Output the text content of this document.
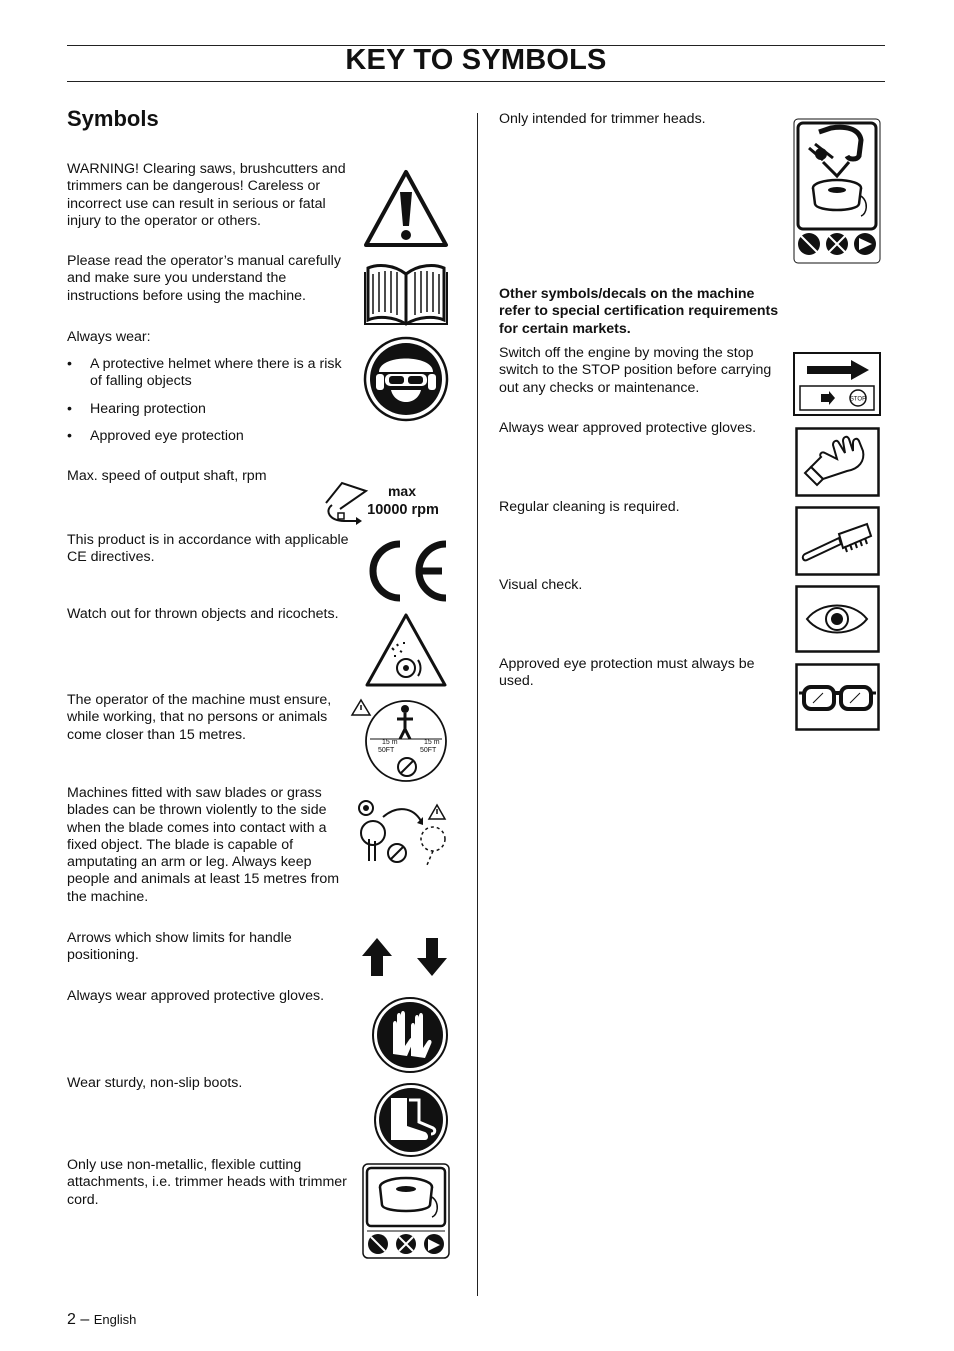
KEY TO SYMBOLS
Symbols

WARNING! Clearing saws, brushcutters and trimmers can be dangerous! Careless or incorrect use can result in serious or fatal injury to the operator or others.

Please read the operator’s manual carefully and make sure you understand the instructions before using the machine.

Always wear:

• A protective helmet where there is a risk of falling objects
• Hearing protection
• Approved eye protection

Max. speed of output shaft, rpm

This product is in accordance with applicable CE directives.

Watch out for thrown objects and ricochets.

The operator of the machine must ensure, while working, that no persons or animals come closer than 15 metres.

Machines fitted with saw blades or grass blades can be thrown violently to the side when the blade comes into contact with a fixed object. The blade is capable of amputating an arm or leg. Always keep people and animals at least 15 metres from the machine.

Arrows which show limits for handle positioning.

Always wear approved protective gloves.

Wear sturdy, non-slip boots.

Only use non-metallic, flexible cutting attachments, i.e. trimmer heads with trimmer cord.

Only intended for trimmer heads.

Other symbols/decals on the machine refer to special certification requirements for certain markets.

Switch off the engine by moving the stop switch to the STOP position before carrying out any checks or maintenance.

Always wear approved protective gloves.

Regular cleaning is required.

Visual check.

Approved eye protection must always be used.

max
10000 rpm
15 m
50FT
15 m
50FT
STOP
2 – English
